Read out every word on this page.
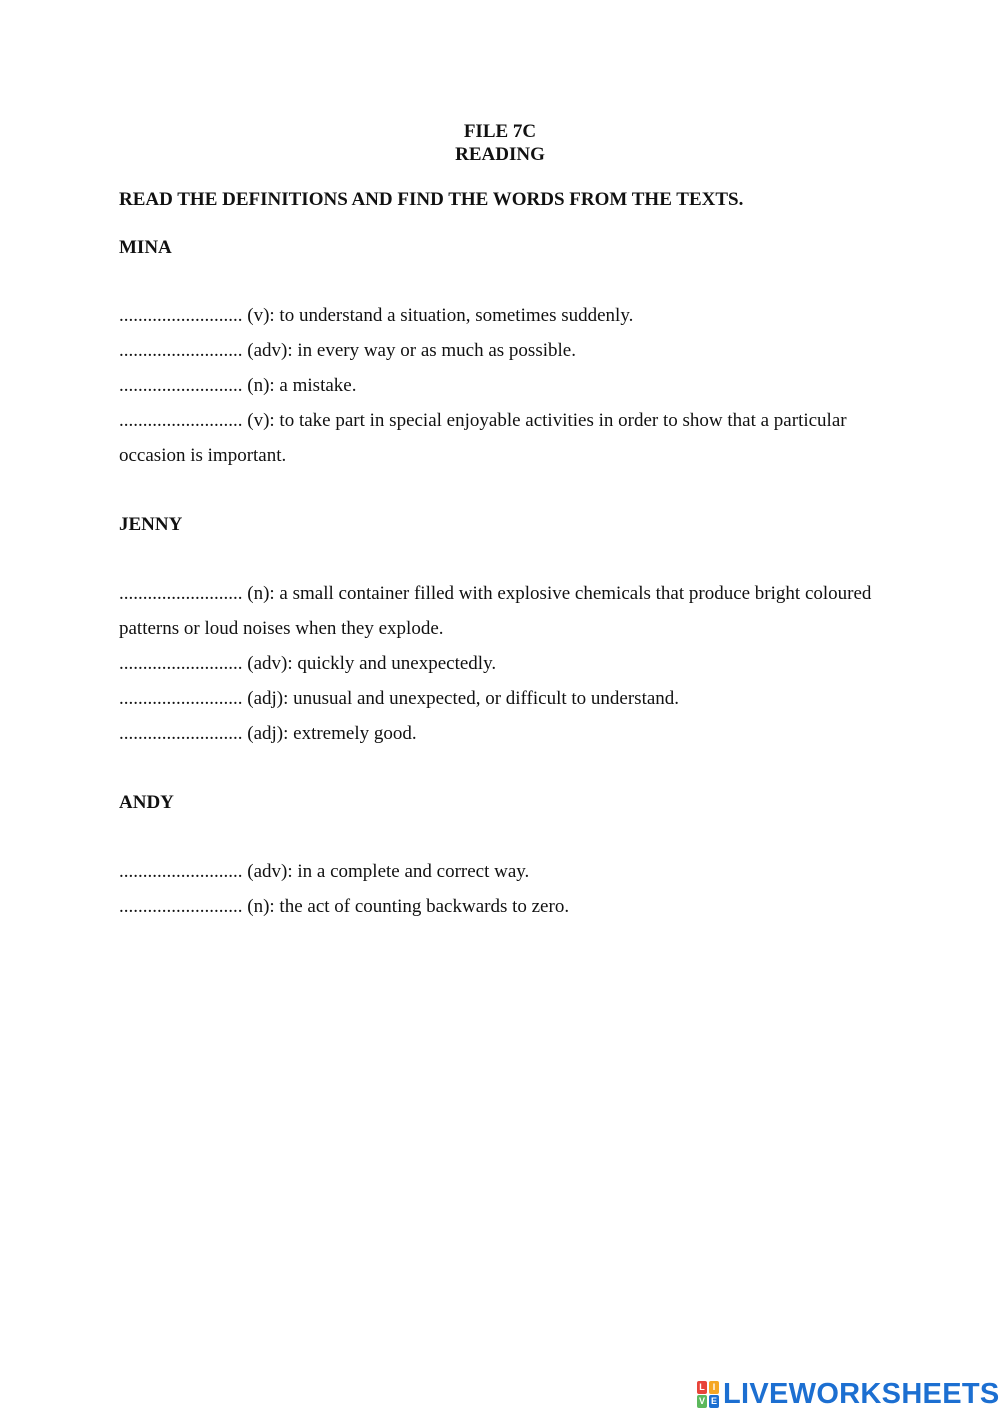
FILE 7C
READING
READ THE DEFINITIONS AND FIND THE WORDS FROM THE TEXTS.
MINA
.......................... (v): to understand a situation, sometimes suddenly.
.......................... (adv): in every way or as much as possible.
.......................... (n): a mistake.
.......................... (v): to take part in special enjoyable activities in order to show that a particular occasion is important.
JENNY
.......................... (n): a small container filled with explosive chemicals that produce bright coloured patterns or loud noises when they explode.
.......................... (adv): quickly and unexpectedly.
.......................... (adj): unusual and unexpected, or difficult to understand.
.......................... (adj): extremely good.
ANDY
.......................... (adv): in a complete and correct way.
.......................... (n): the act of counting backwards to zero.
L I
V E LIVEWORKSHEETS
